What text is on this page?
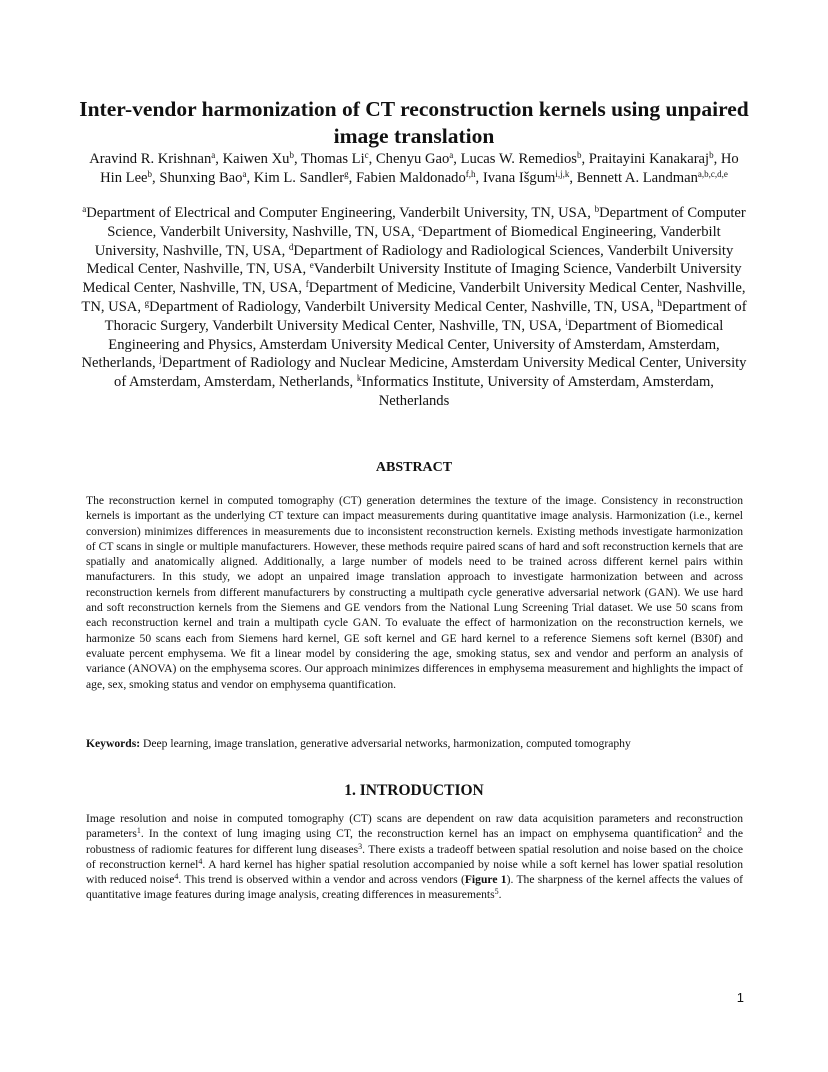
Inter-vendor harmonization of CT reconstruction kernels using unpaired image translation
Aravind R. Krishnan$^a$, Kaiwen Xu$^b$, Thomas Li$^c$, Chenyu Gao$^a$, Lucas W. Remedios$^b$, Praitayini Kanakaraj$^b$, Ho Hin Lee$^b$, Shunxing Bao$^a$, Kim L. Sandler$^g$, Fabien Maldonado$^{f,h}$, Ivana Išgum$^{i,j,k}$, Bennett A. Landman$^{a,b,c,d,e}$
$^a$Department of Electrical and Computer Engineering, Vanderbilt University, TN, USA, $^b$Department of Computer Science, Vanderbilt University, Nashville, TN, USA, $^c$Department of Biomedical Engineering, Vanderbilt University, Nashville, TN, USA, $^d$Department of Radiology and Radiological Sciences, Vanderbilt University Medical Center, Nashville, TN, USA, $^e$Vanderbilt University Institute of Imaging Science, Vanderbilt University Medical Center, Nashville, TN, USA, $^f$Department of Medicine, Vanderbilt University Medical Center, Nashville, TN, USA, $^g$Department of Radiology, Vanderbilt University Medical Center, Nashville, TN, USA, $^h$Department of Thoracic Surgery, Vanderbilt University Medical Center, Nashville, TN, USA, $^i$Department of Biomedical Engineering and Physics, Amsterdam University Medical Center, University of Amsterdam, Amsterdam, Netherlands, $^j$Department of Radiology and Nuclear Medicine, Amsterdam University Medical Center, University of Amsterdam, Amsterdam, Netherlands, $^k$Informatics Institute, University of Amsterdam, Amsterdam, Netherlands
ABSTRACT
The reconstruction kernel in computed tomography (CT) generation determines the texture of the image. Consistency in reconstruction kernels is important as the underlying CT texture can impact measurements during quantitative image analysis. Harmonization (i.e., kernel conversion) minimizes differences in measurements due to inconsistent reconstruction kernels. Existing methods investigate harmonization of CT scans in single or multiple manufacturers. However, these methods require paired scans of hard and soft reconstruction kernels that are spatially and anatomically aligned. Additionally, a large number of models need to be trained across different kernel pairs within manufacturers. In this study, we adopt an unpaired image translation approach to investigate harmonization between and across reconstruction kernels from different manufacturers by constructing a multipath cycle generative adversarial network (GAN). We use hard and soft reconstruction kernels from the Siemens and GE vendors from the National Lung Screening Trial dataset. We use 50 scans from each reconstruction kernel and train a multipath cycle GAN. To evaluate the effect of harmonization on the reconstruction kernels, we harmonize 50 scans each from Siemens hard kernel, GE soft kernel and GE hard kernel to a reference Siemens soft kernel (B30f) and evaluate percent emphysema. We fit a linear model by considering the age, smoking status, sex and vendor and perform an analysis of variance (ANOVA) on the emphysema scores. Our approach minimizes differences in emphysema measurement and highlights the impact of age, sex, smoking status and vendor on emphysema quantification.
Keywords: Deep learning, image translation, generative adversarial networks, harmonization, computed tomography
1. INTRODUCTION
Image resolution and noise in computed tomography (CT) scans are dependent on raw data acquisition parameters and reconstruction parameters$^1$. In the context of lung imaging using CT, the reconstruction kernel has an impact on emphysema quantification$^2$ and the robustness of radiomic features for different lung diseases$^3$. There exists a tradeoff between spatial resolution and noise based on the choice of reconstruction kernel$^4$. A hard kernel has higher spatial resolution accompanied by noise while a soft kernel has lower spatial resolution with reduced noise$^4$. This trend is observed within a vendor and across vendors (Figure 1). The sharpness of the kernel affects the values of quantitative image features during image analysis, creating differences in measurements$^5$.
1
